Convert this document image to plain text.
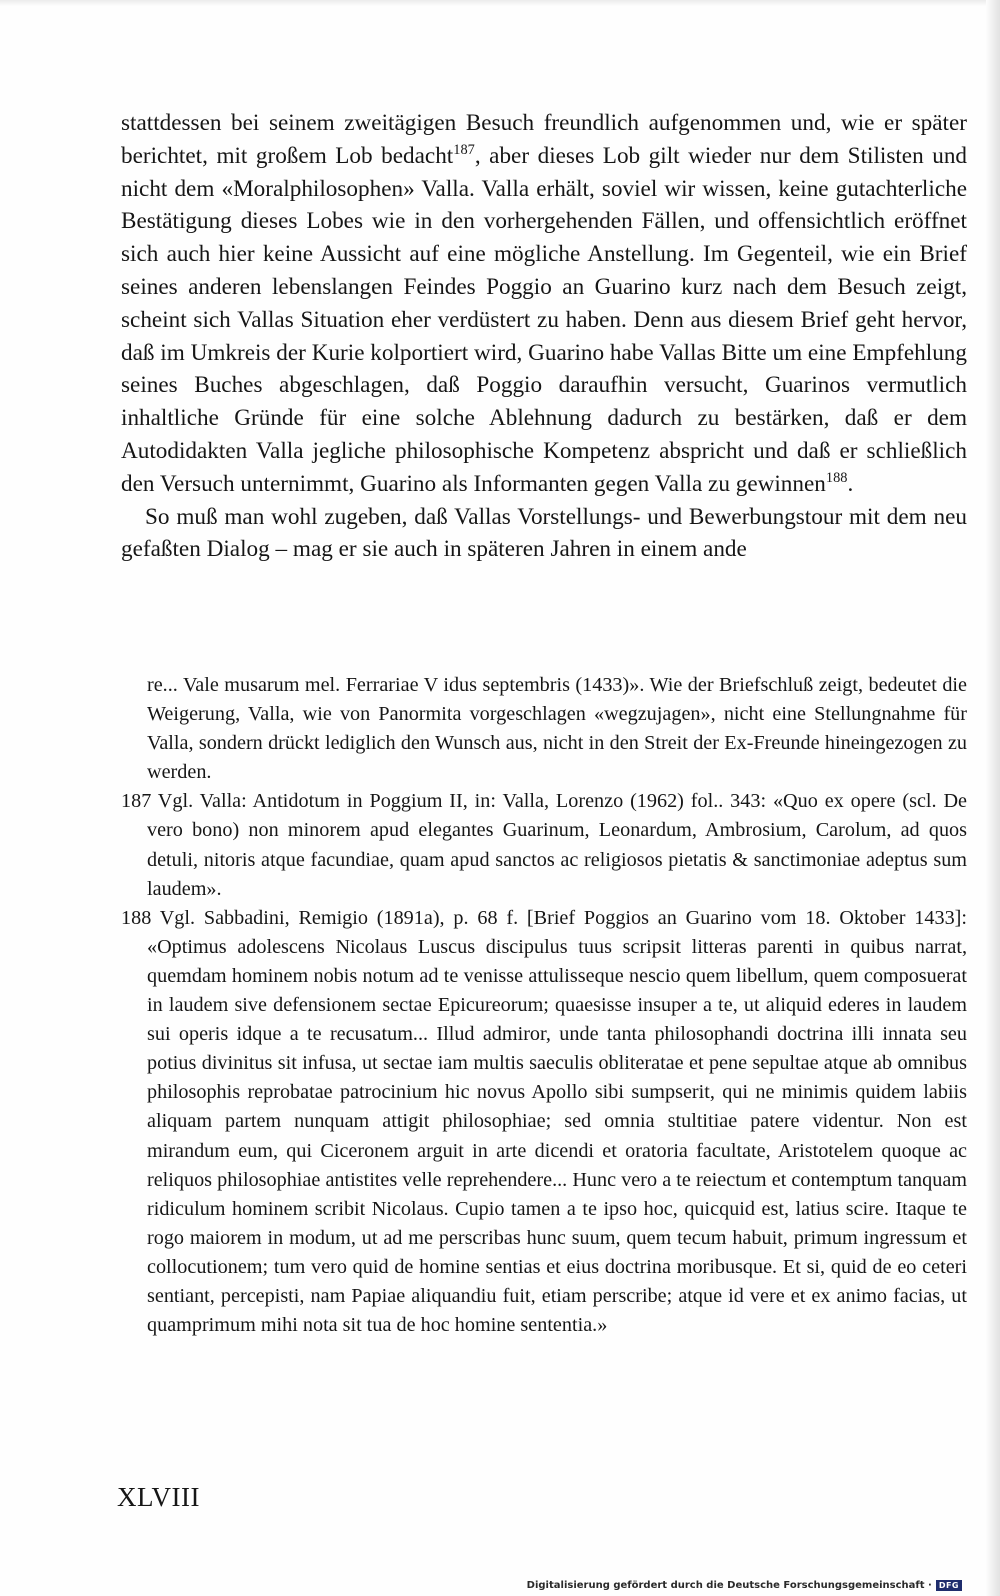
stattdessen bei seinem zweitägigen Besuch freundlich aufgenommen und, wie er später berichtet, mit großem Lob bedacht$^{187}$, aber dieses Lob gilt wieder nur dem Stilisten und nicht dem «Moralphilosophen» Valla. Valla erhält, soviel wir wissen, keine gutachterliche Bestätigung dieses Lobes wie in den vorhergehenden Fällen, und offensichtlich eröffnet sich auch hier keine Aussicht auf eine mögliche Anstellung. Im Gegenteil, wie ein Brief seines anderen lebenslangen Feindes Poggio an Guarino kurz nach dem Besuch zeigt, scheint sich Vallas Situation eher verdüstert zu haben. Denn aus diesem Brief geht hervor, daß im Umkreis der Kurie kolportiert wird, Guarino habe Vallas Bitte um eine Empfehlung seines Buches abgeschlagen, daß Poggio daraufhin versucht, Guarinos vermutlich inhaltliche Gründe für eine solche Ablehnung dadurch zu bestärken, daß er dem Autodidakten Valla jegliche philosophische Kompetenz abspricht und daß er schließlich den Versuch unternimmt, Guarino als Informanten gegen Valla zu gewinnen$^{188}$.

So muß man wohl zugeben, daß Vallas Vorstellungs- und Bewerbungstour mit dem neu gefaßten Dialog – mag er sie auch in späteren Jahren in einem ande

re... Vale musarum mel. Ferrariae V idus septembris (1433)». Wie der Briefschluß zeigt, bedeutet die Weigerung, Valla, wie von Panormita vorgeschlagen «wegzujagen», nicht eine Stellungnahme für Valla, sondern drückt lediglich den Wunsch aus, nicht in den Streit der Ex-Freunde hineingezogen zu werden.

187 Vgl. Valla: Antidotum in Poggium II, in: Valla, Lorenzo (1962) fol.. 343: «Quo ex opere (scl. De vero bono) non minorem apud elegantes Guarinum, Leonardum, Ambrosium, Carolum, ad quos detuli, nitoris atque facundiae, quam apud sanctos ac religiosos pietatis & sanctimoniae adeptus sum laudem».

188 Vgl. Sabbadini, Remigio (1891a), p. 68 f. [Brief Poggios an Guarino vom 18. Oktober 1433]: «Optimus adolescens Nicolaus Luscus discipulus tuus scripsit litteras parenti in quibus narrat, quemdam hominem nobis notum ad te venisse attulisseque nescio quem libellum, quem composuerat in laudem sive defensionem sectae Epicureorum; quaesisse insuper a te, ut aliquid ederes in laudem sui operis idque a te recusatum... Illud admiror, unde tanta philosophandi doctrina illi innata seu potius divinitus sit infusa, ut sectae iam multis saeculis obliteratae et pene sepultae atque ab omnibus philosophis reprobatae patrocinium hic novus Apollo sibi sumpserit, qui ne minimis quidem labiis aliquam partem nunquam attigit philosophiae; sed omnia stultitiae patere videntur. Non est mirandum eum, qui Ciceronem arguit in arte dicendi et oratoria facultate, Aristotelem quoque ac reliquos philosophiae antistites velle reprehendere... Hunc vero a te reiectum et contemptum tanquam ridiculum hominem scribit Nicolaus. Cupio tamen a te ipso hoc, quicquid est, latius scire. Itaque te rogo maiorem in modum, ut ad me perscribas hunc suum, quem tecum habuit, primum ingressum et collocutionem; tum vero quid de homine sentias et eius doctrina moribusque. Et si, quid de eo ceteri sentiant, percepisti, nam Papiae aliquandiu fuit, etiam perscribe; atque id vere et ex animo facias, ut quamprimum mihi nota sit tua de hoc homine sententia.»

XLVIII
Digitalisierung gefördert durch die Deutsche Forschungsgemeinschaft · DFG
